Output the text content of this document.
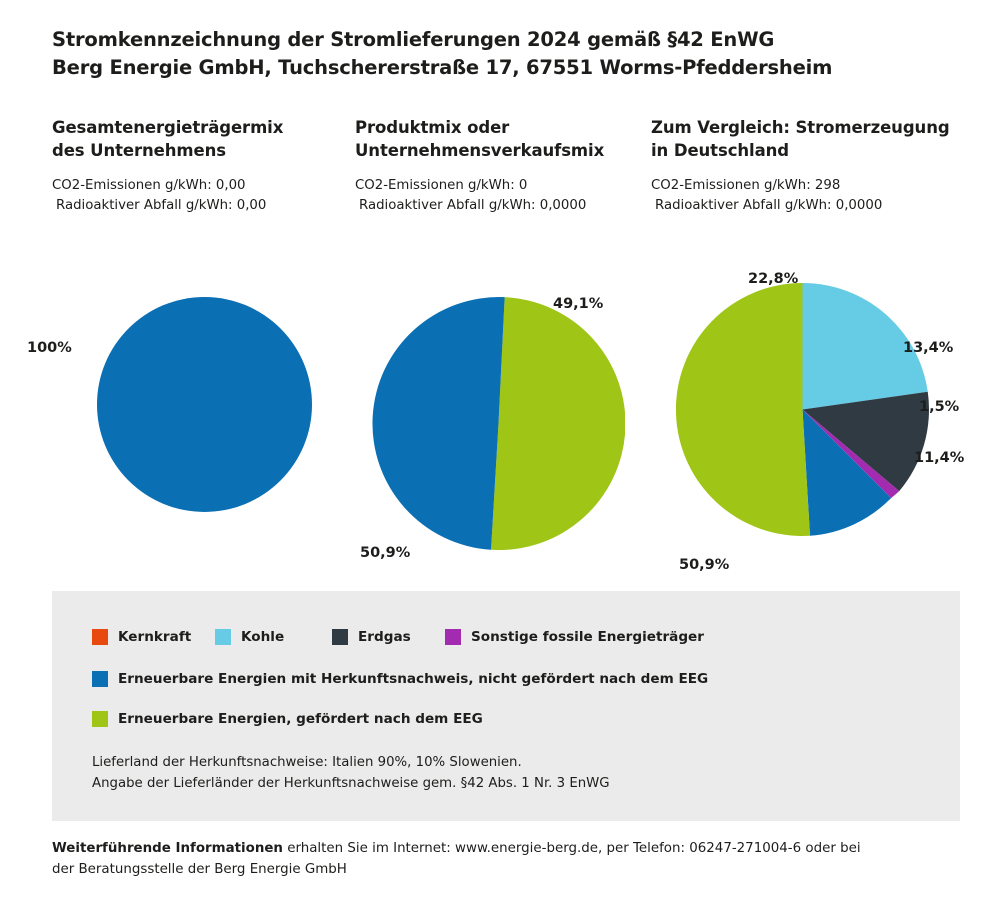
Stromkennzeichnung der Stromlieferungen 2024 gemäß §42 EnWG
Berg Energie GmbH, Tuchschererstraße 17, 67551 Worms-Pfeddersheim
Gesamtenergieträgermix
des Unternehmens
CO2-Emissionen g/kWh: 0,00
Radioaktiver Abfall g/kWh: 0,00
Produktmix oder
Unternehmensverkaufsmix
CO2-Emissionen g/kWh: 0
Radioaktiver Abfall g/kWh: 0,0000
Zum Vergleich: Stromerzeugung
in Deutschland
CO2-Emissionen g/kWh: 298
Radioaktiver Abfall g/kWh: 0,0000
100%
49,1%
50,9%
22,8%
13,4%
1,5%
11,4%
50,9%
Kernkraft	Kohle	Erdgas	Sonstige fossile Energieträger
Erneuerbare Energien mit Herkunftsnachweis, nicht gefördert nach dem EEG
Erneuerbare Energien, gefördert nach dem EEG
Lieferland der Herkunftsnachweise: Italien 90%, 10% Slowenien.
Angabe der Lieferländer der Herkunftsnachweise gem. §42 Abs. 1 Nr. 3 EnWG
Weiterführende Informationen erhalten Sie im Internet: www.energie-berg.de, per Telefon: 06247-271004-6 oder bei
der Beratungsstelle der Berg Energie GmbH
